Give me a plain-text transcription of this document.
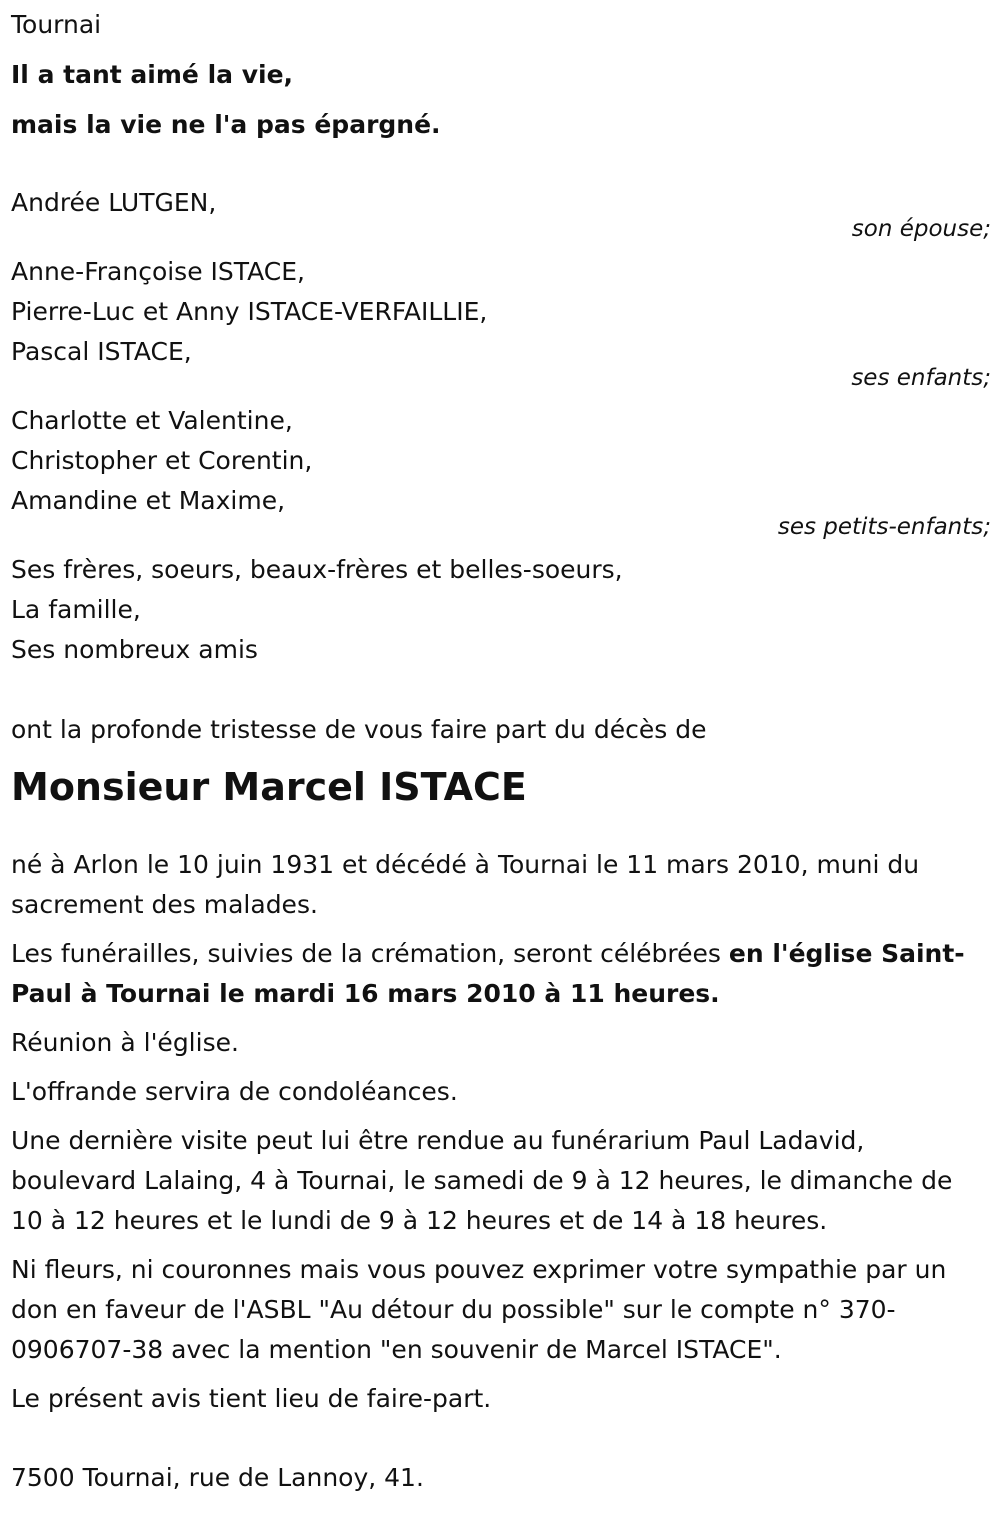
Tournai

Il a tant aimé la vie,

mais la vie ne l'a pas épargné.

Andrée LUTGEN,

son épouse;

Anne-Françoise ISTACE,

Pierre-Luc et Anny ISTACE-VERFAILLIE,

Pascal ISTACE,

ses enfants;

Charlotte et Valentine,

Christopher et Corentin,

Amandine et Maxime,

ses petits-enfants;

Ses frères, soeurs, beaux-frères et belles-soeurs,

La famille,

Ses nombreux amis

ont la profonde tristesse de vous faire part du décès de

Monsieur Marcel ISTACE

né à Arlon le 10 juin 1931 et décédé à Tournai le 11 mars 2010, muni du sacrement des malades.

Les funérailles, suivies de la crémation, seront célébrées en l'église Saint-Paul à Tournai le mardi 16 mars 2010 à 11 heures.

Réunion à l'église.

L'offrande servira de condoléances.

Une dernière visite peut lui être rendue au funérarium Paul Ladavid, boulevard Lalaing, 4 à Tournai, le samedi de 9 à 12 heures, le dimanche de 10 à 12 heures et le lundi de 9 à 12 heures et de 14 à 18 heures.

Ni fleurs, ni couronnes mais vous pouvez exprimer votre sympathie par un don en faveur de l'ASBL "Au détour du possible" sur le compte n° 370-0906707-38 avec la mention "en souvenir de Marcel ISTACE".

Le présent avis tient lieu de faire-part.

7500 Tournai, rue de Lannoy, 41.
